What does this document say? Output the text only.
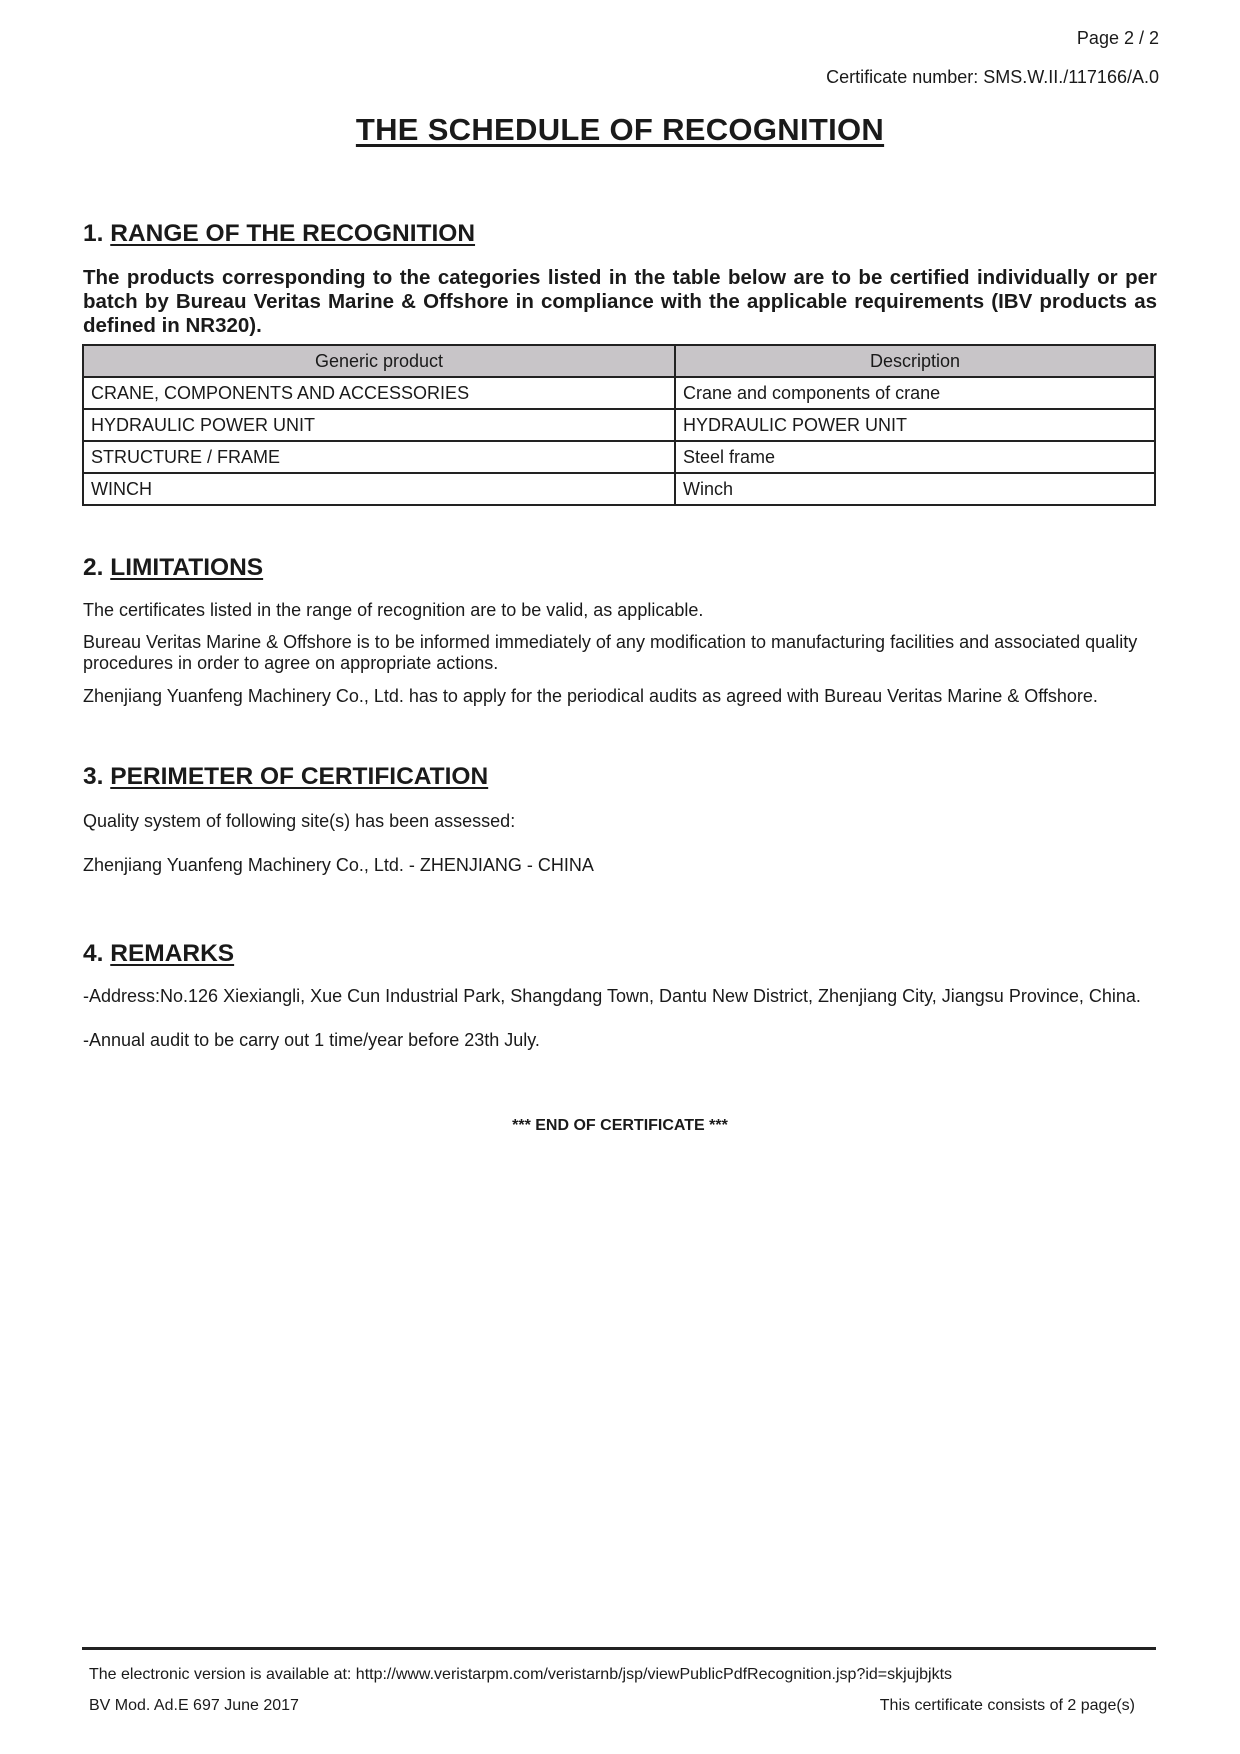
Page 2 / 2
Certificate number: SMS.W.II./117166/A.0
THE SCHEDULE OF RECOGNITION
1. RANGE OF THE RECOGNITION
The products corresponding to the categories listed in the table below are to be certified individually or per batch by Bureau Veritas Marine & Offshore in compliance with the applicable requirements (IBV products as defined in NR320).
Generic product	Description
CRANE, COMPONENTS AND ACCESSORIES	Crane and components of crane
HYDRAULIC POWER UNIT	HYDRAULIC POWER UNIT
STRUCTURE / FRAME	Steel frame
WINCH	Winch
2. LIMITATIONS

The certificates listed in the range of recognition are to be valid, as applicable.

Bureau Veritas Marine & Offshore is to be informed immediately of any modification to manufacturing facilities and associated quality procedures in order to agree on appropriate actions.

Zhenjiang Yuanfeng Machinery Co., Ltd. has to apply for the periodical audits as agreed with Bureau Veritas Marine & Offshore.

3. PERIMETER OF CERTIFICATION

Quality system of following site(s) has been assessed:

Zhenjiang Yuanfeng Machinery Co., Ltd. - ZHENJIANG - CHINA

4. REMARKS

-Address:No.126 Xiexiangli, Xue Cun Industrial Park, Shangdang Town, Dantu New District, Zhenjiang City, Jiangsu Province, China.

-Annual audit to be carry out 1 time/year before 23th July.

*** END OF CERTIFICATE ***
The electronic version is available at: http://www.veristarpm.com/veristarnb/jsp/viewPublicPdfRecognition.jsp?id=skjujbjkts
BV Mod. Ad.E 697 June 2017	This certificate consists of 2 page(s)
